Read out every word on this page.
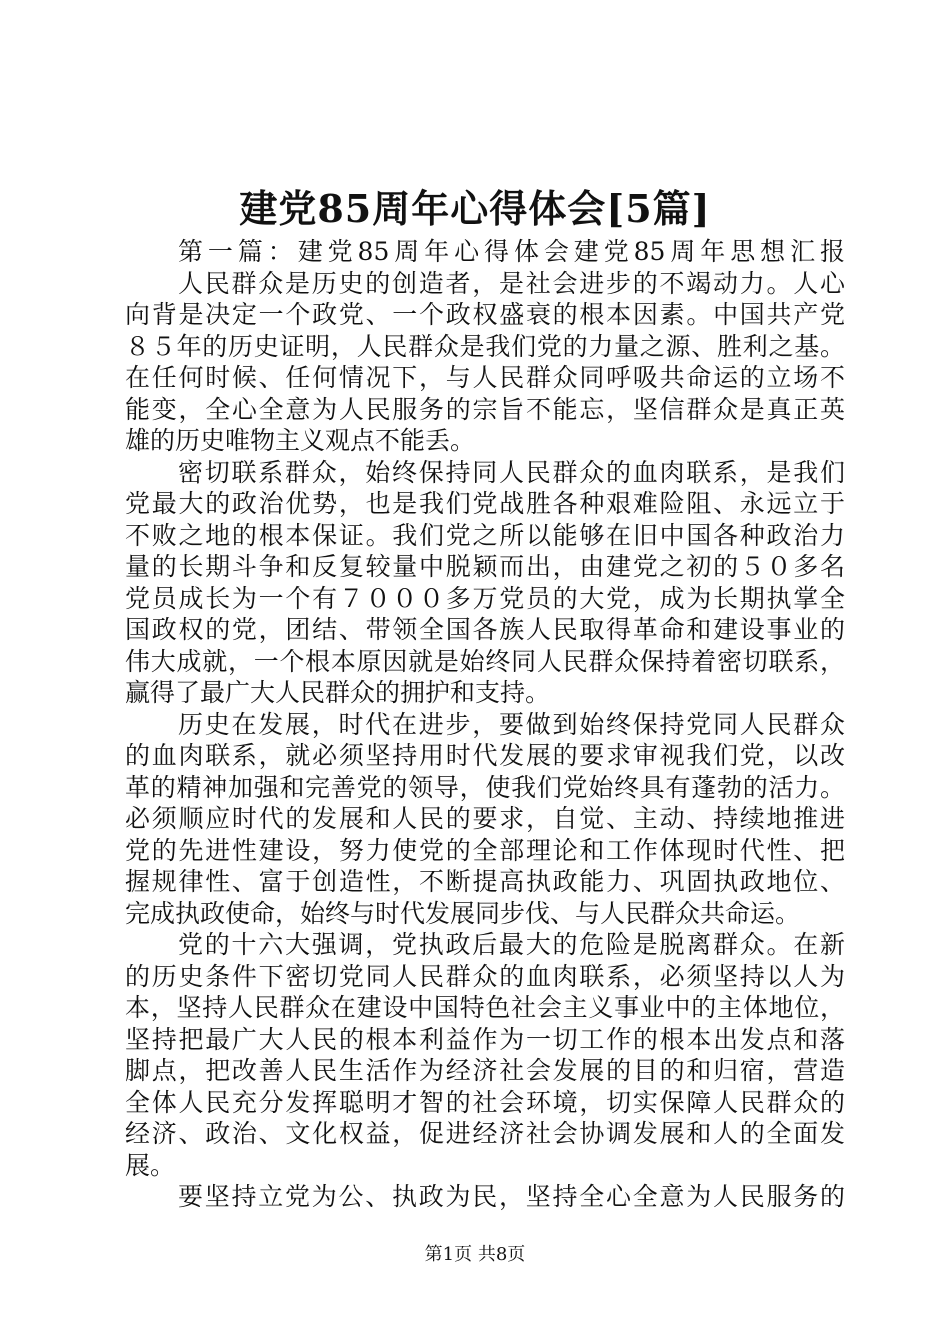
建党85周年心得体会[5篇]
第一篇：建党85周年心得体会建党85周年思想汇报
人民群众是历史的创造者，是社会进步的不竭动力。人心
向背是决定一个政党、一个政权盛衰的根本因素。中国共产党
８５年的历史证明，人民群众是我们党的力量之源、胜利之基。
在任何时候、任何情况下，与人民群众同呼吸共命运的立场不
能变，全心全意为人民服务的宗旨不能忘，坚信群众是真正英
雄的历史唯物主义观点不能丢。
密切联系群众，始终保持同人民群众的血肉联系，是我们
党最大的政治优势，也是我们党战胜各种艰难险阻、永远立于
不败之地的根本保证。我们党之所以能够在旧中国各种政治力
量的长期斗争和反复较量中脱颖而出，由建党之初的５０多名
党员成长为一个有７０００多万党员的大党，成为长期执掌全
国政权的党，团结、带领全国各族人民取得革命和建设事业的
伟大成就，一个根本原因就是始终同人民群众保持着密切联系，
赢得了最广大人民群众的拥护和支持。
历史在发展，时代在进步，要做到始终保持党同人民群众
的血肉联系，就必须坚持用时代发展的要求审视我们党，以改
革的精神加强和完善党的领导，使我们党始终具有蓬勃的活力。
必须顺应时代的发展和人民的要求，自觉、主动、持续地推进
党的先进性建设，努力使党的全部理论和工作体现时代性、把
握规律性、富于创造性，不断提高执政能力、巩固执政地位、
完成执政使命，始终与时代发展同步伐、与人民群众共命运。
党的十六大强调，党执政后最大的危险是脱离群众。在新
的历史条件下密切党同人民群众的血肉联系，必须坚持以人为
本，坚持人民群众在建设中国特色社会主义事业中的主体地位，
坚持把最广大人民的根本利益作为一切工作的根本出发点和落
脚点，把改善人民生活作为经济社会发展的目的和归宿，营造
全体人民充分发挥聪明才智的社会环境，切实保障人民群众的
经济、政治、文化权益，促进经济社会协调发展和人的全面发
展。
要坚持立党为公、执政为民，坚持全心全意为人民服务的
第1页 共8页
